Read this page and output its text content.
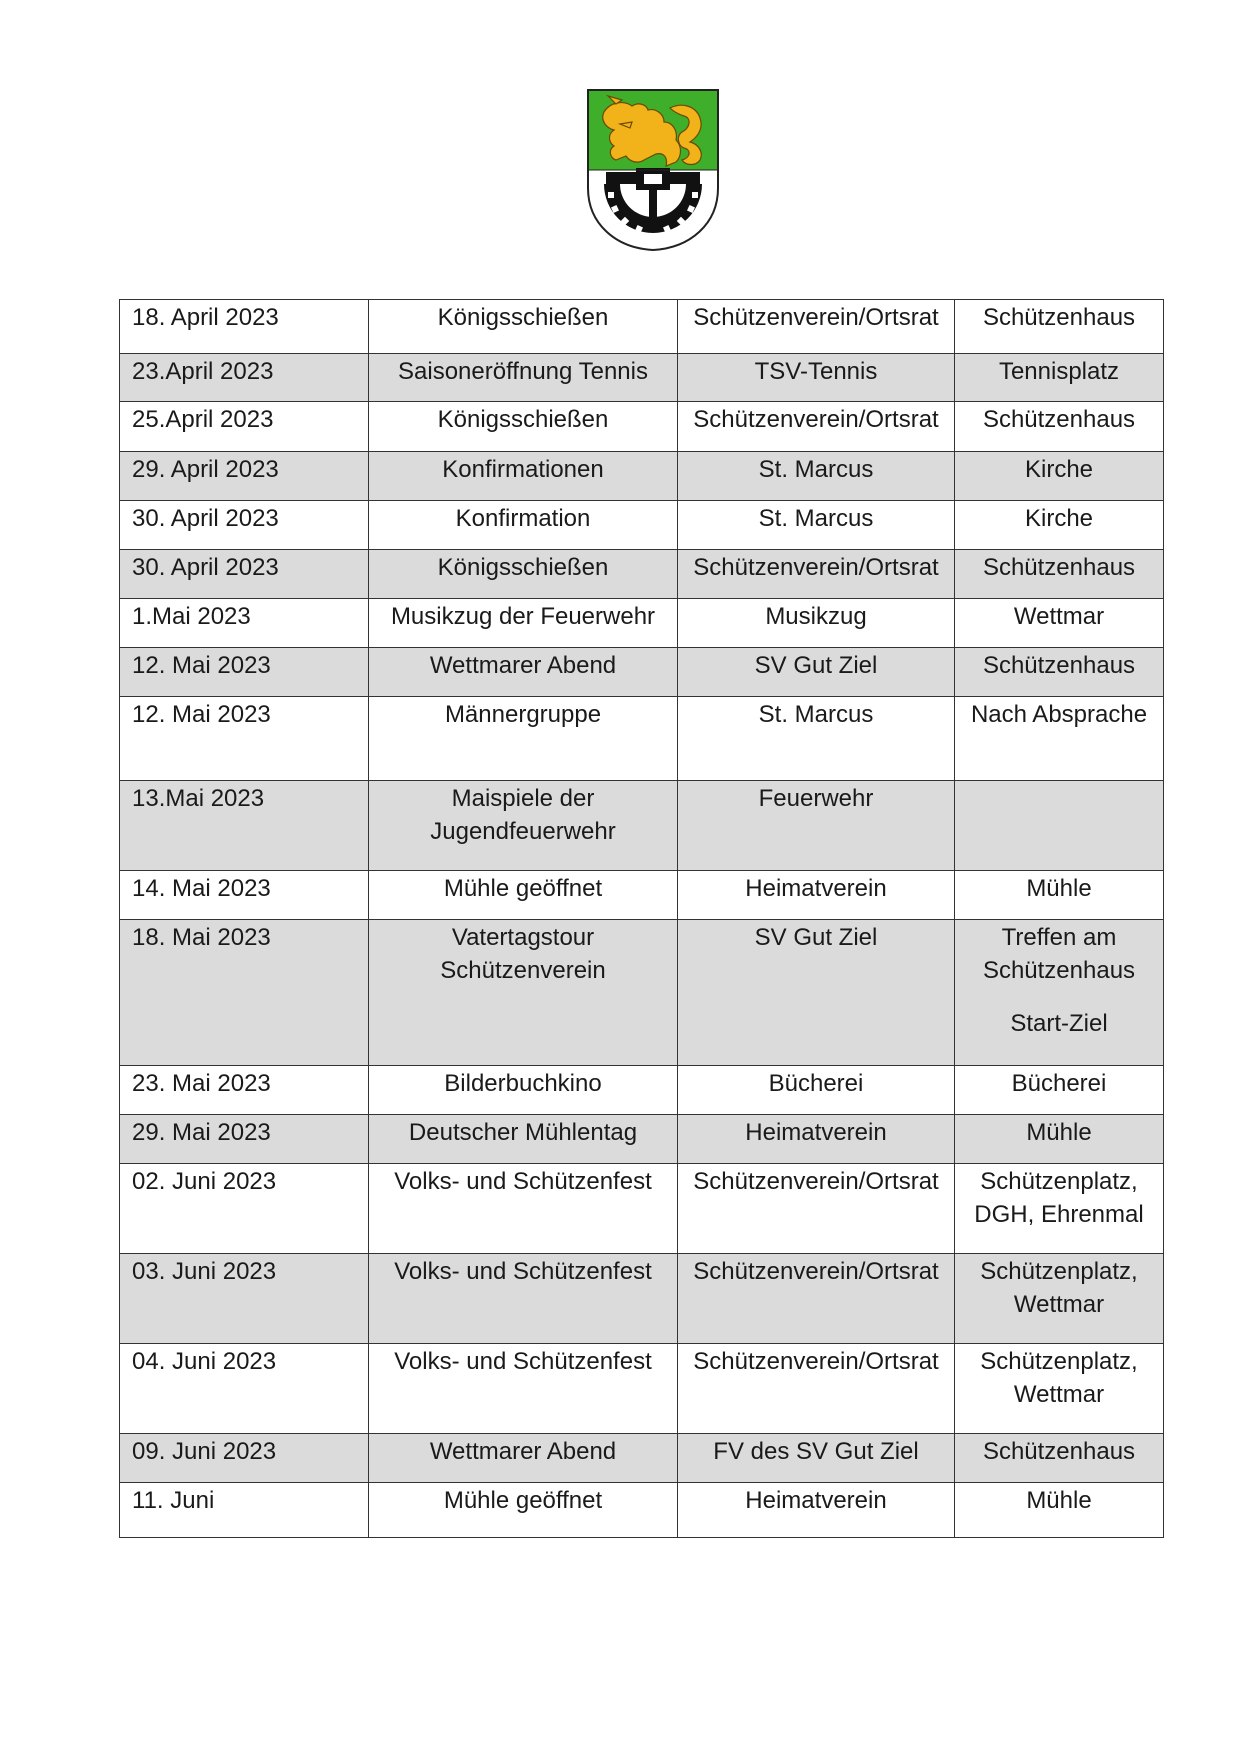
18. April 2023	Königsschießen	Schützenverein/Ortsrat	Schützenhaus

23.April 2023	Saisoneröffnung Tennis	TSV-Tennis	Tennisplatz

25.April 2023	Königsschießen	Schützenverein/Ortsrat	Schützenhaus

29. April 2023	Konfirmationen	St. Marcus	Kirche

30. April 2023	Konfirmation	St. Marcus	Kirche

30. April 2023	Königsschießen	Schützenverein/Ortsrat	Schützenhaus

1.Mai 2023	Musikzug der Feuerwehr	Musikzug	Wettmar

12. Mai 2023	Wettmarer Abend	SV Gut Ziel	Schützenhaus

12. Mai 2023	Männergruppe	St. Marcus	Nach Absprache

13.Mai 2023	Maispiele der
Jugendfeuerwehr	Feuerwehr	

14. Mai 2023	Mühle geöffnet	Heimatverein	Mühle

18. Mai 2023	Vatertagstour
Schützenverein	SV Gut Ziel	Treffen am
Schützenhaus
Start-Ziel

23. Mai 2023	Bilderbuchkino	Bücherei	Bücherei

29. Mai 2023	Deutscher Mühlentag	Heimatverein	Mühle

02. Juni 2023	Volks- und Schützenfest	Schützenverein/Ortsrat	Schützenplatz,
DGH, Ehrenmal

03. Juni 2023	Volks- und Schützenfest	Schützenverein/Ortsrat	Schützenplatz,
Wettmar

04. Juni 2023	Volks- und Schützenfest	Schützenverein/Ortsrat	Schützenplatz,
Wettmar

09. Juni 2023	Wettmarer Abend	FV des SV Gut Ziel	Schützenhaus

11. Juni	Mühle geöffnet	Heimatverein	Mühle
